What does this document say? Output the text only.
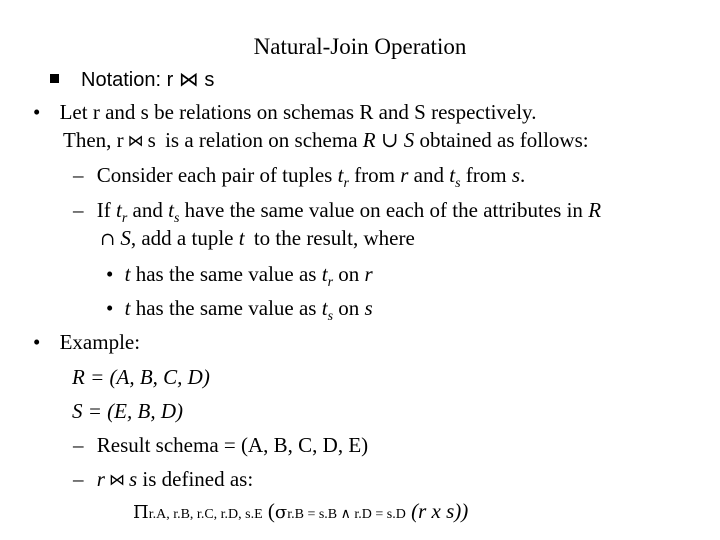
Natural-Join Operation
Notation: r ⋈ s
• Let r and s be relations on schemas R and S respectively.
Then, r ⋈ s is a relation on schema R ∪ S obtained as follows:
– Consider each pair of tuples $t_r$ from r and $t_s$ from s.
– If $t_r$ and $t_s$ have the same value on each of the attributes in R
∩ S, add a tuple t to the result, where
• t has the same value as $t_r$ on r
• t has the same value as $t_s$ on s
• Example:
R = (A, B, C, D)
S = (E, B, D)
– Result schema = (A, B, C, D, E)
– r ⋈ s is defined as:
Πr.A, r.B, r.C, r.D, s.E (σr.B = s.B ∧ r.D = s.D (r x s))
